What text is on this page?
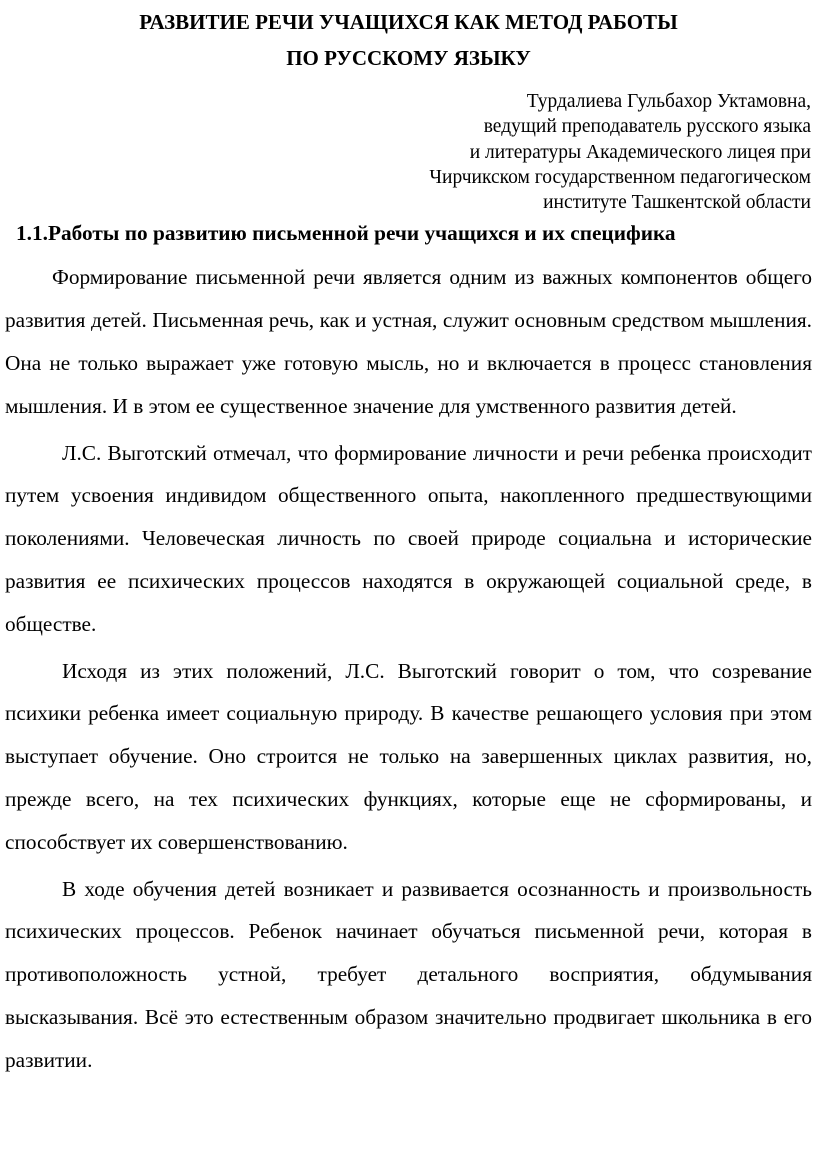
РАЗВИТИЕ РЕЧИ УЧАЩИХСЯ КАК МЕТОД РАБОТЫ
ПО РУССКОМУ ЯЗЫКУ
Турдалиева Гульбахор Уктамовна,
ведущий преподаватель русского языка
и литературы Академического лицея при
Чирчикском государственном педагогическом
институте Ташкентской области
1.1.Работы по развитию письменной речи учащихся и их специфика

Формирование письменной речи является одним из важных компонентов общего развития детей. Письменная речь, как и устная, служит основным средством мышления. Она не только выражает уже готовую мысль, но и включается в процесс становления мышления. И в этом ее существенное значение для умственного развития детей.

Л.С. Выготский отмечал, что формирование личности и речи ребенка происходит путем усвоения индивидом общественного опыта, накопленного предшествующими поколениями. Человеческая личность по своей природе социальна и исторические развития ее психических процессов находятся в окружающей социальной среде, в обществе.

Исходя из этих положений, Л.С. Выготский говорит о том, что созревание психики ребенка имеет социальную природу. В качестве решающего условия при этом выступает обучение. Оно строится не только на завершенных циклах развития, но, прежде всего, на тех психических функциях, которые еще не сформированы, и способствует их совершенствованию.

В ходе обучения детей возникает и развивается осознанность и произвольность психических процессов. Ребенок начинает обучаться письменной речи, которая в противоположность устной, требует детального восприятия, обдумывания высказывания. Всё это естественным образом значительно продвигает школьника в его развитии.
